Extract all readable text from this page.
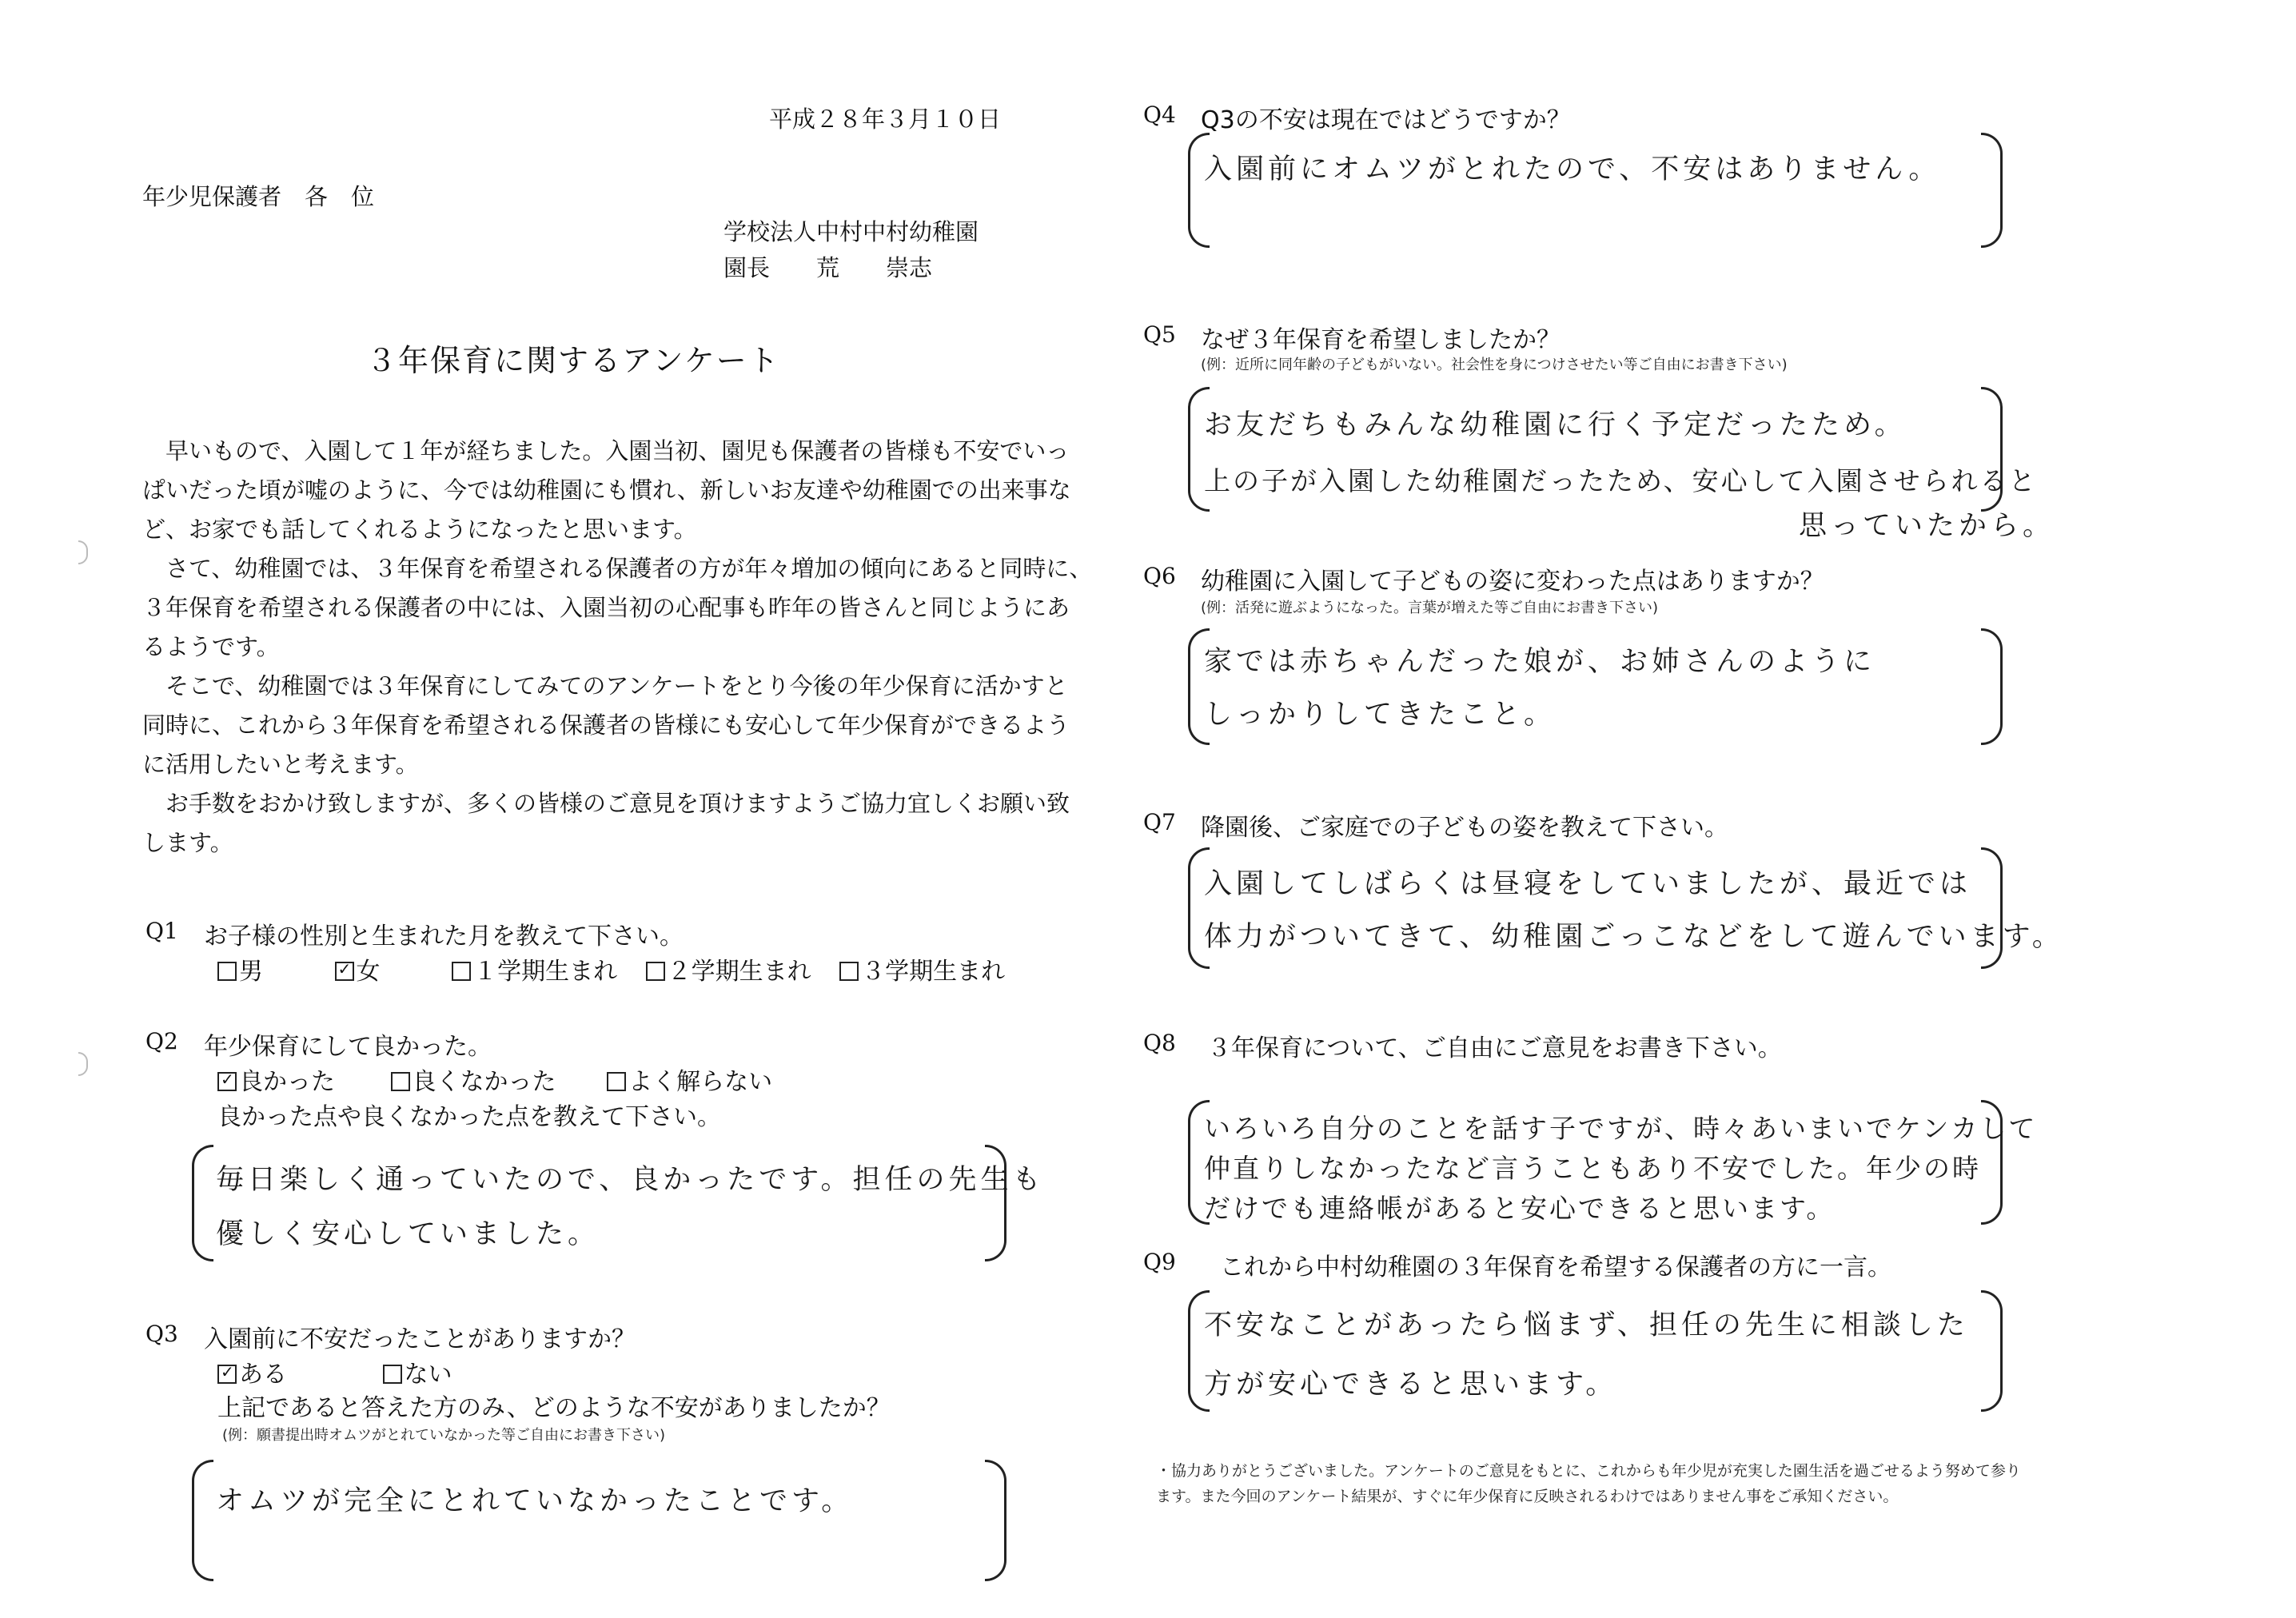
平成２８年３月１０日
年少児保護者　各　位
学校法人中村中村幼稚園
園長　　荒　　崇志
３年保育に関するアンケート
　早いもので、入園して１年が経ちました。入園当初、園児も保護者の皆様も不安でいっ
ぱいだった頃が嘘のように、今では幼稚園にも慣れ、新しいお友達や幼稚園での出来事な
ど、お家でも話してくれるようになったと思います。
　さて、幼稚園では、３年保育を希望される保護者の方が年々増加の傾向にあると同時に、
３年保育を希望される保護者の中には、入園当初の心配事も昨年の皆さんと同じようにあ
るようです。
　そこで、幼稚園では３年保育にしてみてのアンケートをとり今後の年少保育に活かすと
同時に、これから３年保育を希望される保護者の皆様にも安心して年少保育ができるよう
に活用したいと考えます。
　お手数をおかけ致しますが、多くの皆様のご意見を頂けますようご協力宜しくお願い致
します。
Q1 お子様の性別と生まれた月を教えて下さい。
男 ✓	女	１学期生まれ ２学期生まれ ３学期生まれ
Q2 年少保育にして良かった。
✓良かった	良くなかった	よく解らない
良かった点や良くなかった点を教えて下さい。
毎日楽しく通っていたので、良かったです。担任の先生も
優しく安心していました。
Q3 入園前に不安だったことがありますか？
✓ある	ない
上記であると答えた方のみ、どのような不安がありましたか？
(例：願書提出時オムツがとれていなかった等ご自由にお書き下さい)
オムツが完全にとれていなかったことです。
Q4 Q3の不安は現在ではどうですか？
入園前にオムツがとれたので、不安はありません。
Q5 なぜ３年保育を希望しましたか？
(例：近所に同年齢の子どもがいない。社会性を身につけさせたい等ご自由にお書き下さい)
お友だちもみんな幼稚園に行く予定だったため。
上の子が入園した幼稚園だったため、安心して入園させられると
思っていたから。
Q6 幼稚園に入園して子どもの姿に変わった点はありますか？
(例：活発に遊ぶようになった。言葉が増えた等ご自由にお書き下さい)
家では赤ちゃんだった娘が、お姉さんのように
しっかりしてきたこと。
Q7 降園後、ご家庭での子どもの姿を教えて下さい。
入園してしばらくは昼寝をしていましたが、最近では
体力がついてきて、幼稚園ごっこなどをして遊んでいます。
Q8 ３年保育について、ご自由にご意見をお書き下さい。
いろいろ自分のことを話す子ですが、時々あいまいでケンカして
仲直りしなかったなど言うこともあり不安でした。年少の時
だけでも連絡帳があると安心できると思います。
Q9 これから中村幼稚園の３年保育を希望する保護者の方に一言。
不安なことがあったら悩まず、担任の先生に相談した
方が安心できると思います。
・協力ありがとうございました。アンケートのご意見をもとに、これからも年少児が充実した園生活を過ごせるよう努めて参り
ます。また今回のアンケート結果が、すぐに年少保育に反映されるわけではありません事をご承知ください。
